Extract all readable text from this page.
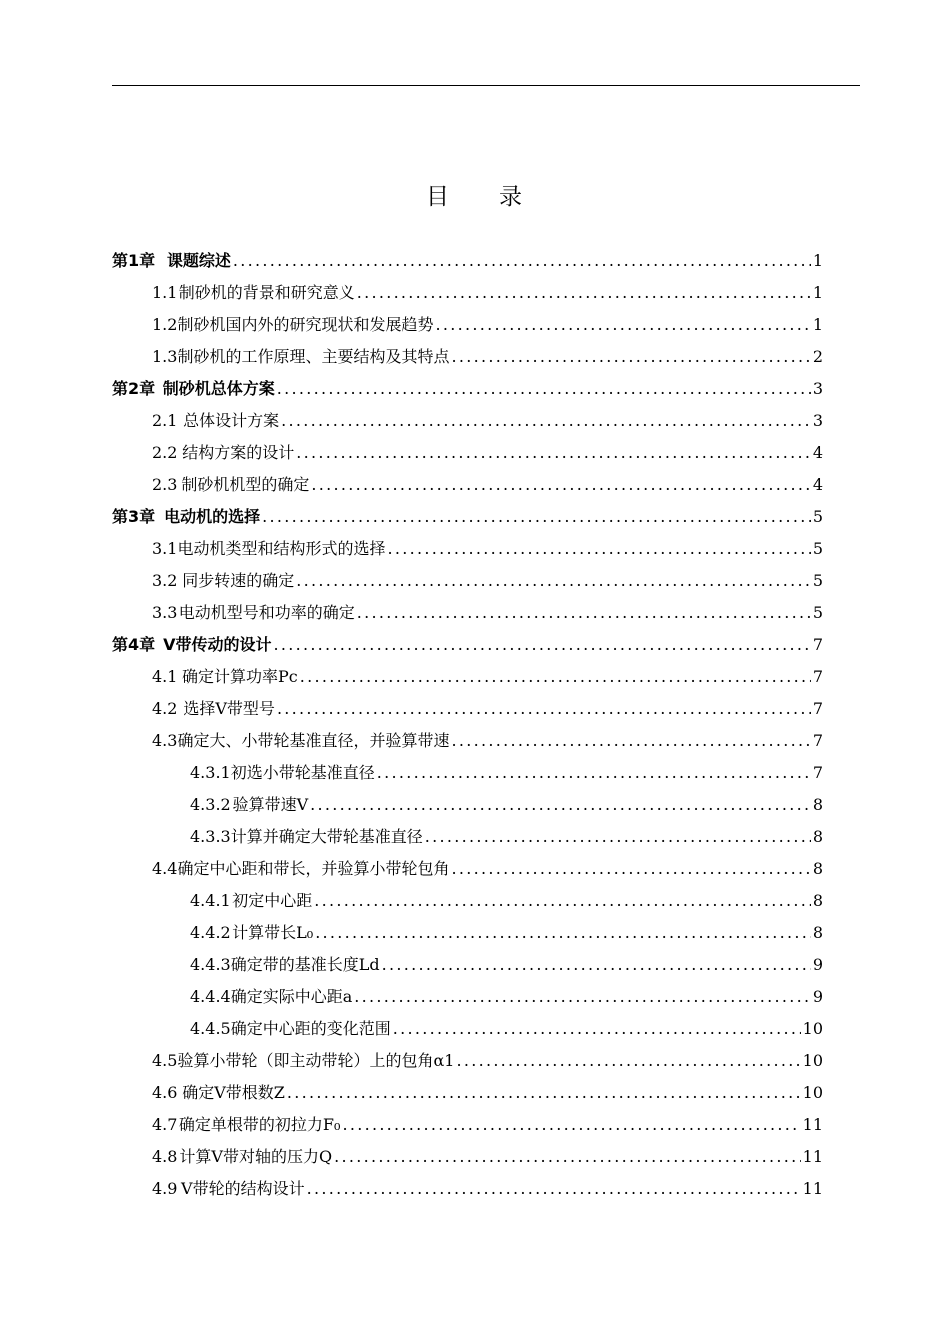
目 录
第1章 课题综述 . . .	1
1.1 制砂机的背景和研究意义 . . .	1
1.2 制砂机国内外的研究现状和发展趋势 . . .	1
1.3 制砂机的工作原理、主要结构及其特点 . . .	2
第2章 制砂机总体方案 . . .	3
2.1 总体设计方案 . . .	3
2.2 结构方案的设计 . . .	4
2.3 制砂机机型的确定 . . .	4
第3章 电动机的选择 . . .	5
3.1 电动机类型和结构形式的选择 . . .	5
3.2 同步转速的确定 . . .	5
3.3 电动机型号和功率的确定 . . .	5
第4章 V带传动的设计 . . .	7
4.1 确定计算功率Pc . . .	7
4.2 选择V带型号 . . .	7
4.3 确定大、小带轮基准直径，并验算带速 . . .	7
4.3.1 初选小带轮基准直径 . . .	7
4.3.2 验算带速V . . .	8
4.3.3 计算并确定大带轮基准直径 . . .	8
4.4 确定中心距和带长，并验算小带轮包角 . . .	8
4.4.1 初定中心距 . . .	8
4.4.2 计算带长L₀ . . .	8
4.4.3 确定带的基准长度Ld . . .	9
4.4.4 确定实际中心距a . . .	9
4.4.5 确定中心距的变化范围 . . .	10
4.5 验算小带轮（即主动带轮）上的包角α1 . . .	10
4.6 确定V带根数Z . . .	10
4.7 确定单根带的初拉力F₀ . . .	11
4.8 计算V带对轴的压力Q . . .	11
4.9 V带轮的结构设计 . . .	11
